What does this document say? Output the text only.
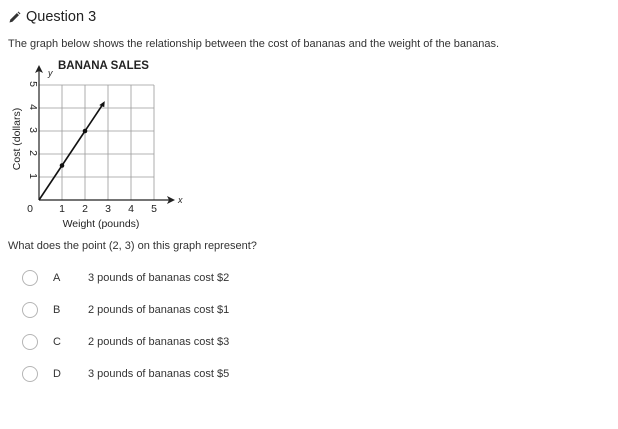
Question 3
The graph below shows the relationship between the cost of bananas and the weight of the bananas.
BANANA SALES
y
x
Cost (dollars)
Weight (pounds)
0 1 2 3 4 5
1
2
3
4
5
What does the point (2, 3) on this graph represent?
A	3 pounds of bananas cost $2
B	2 pounds of bananas cost $1
C 2 pounds of bananas cost $3
D 3 pounds of bananas cost $5
